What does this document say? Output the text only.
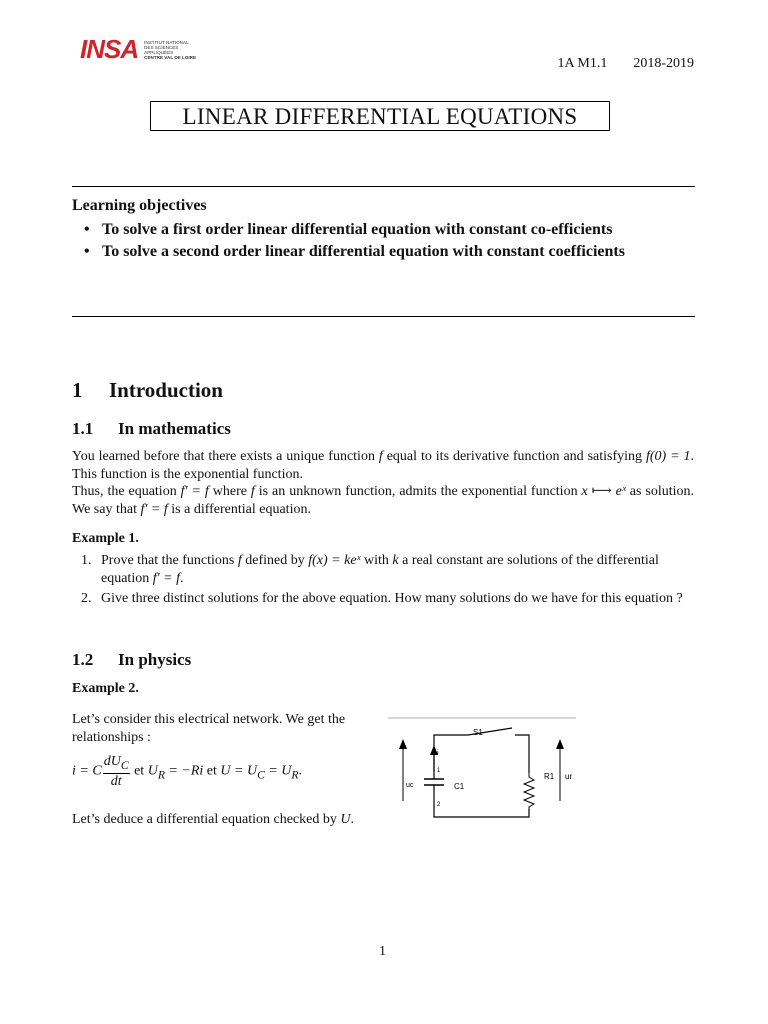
INSA INSTITUT NATIONAL
DES SCIENCES
APPLIQUÉES
CENTRE VAL DE LOIRE	1A M1.1 2018-2019
LINEAR DIFFERENTIAL EQUATIONS
Learning objectives
• To solve a first order linear differential equation with constant co-efficients
• To solve a second order linear differential equation with constant coefficients
1 Introduction
1.1 In mathematics
You learned before that there exists a unique function f equal to its derivative function and satisfying f(0) = 1. This function is the exponential function.
Thus, the equation f′ = f where f is an unknown function, admits the exponential function x ⟼ eˣ as solution. We say that f′ = f is a differential equation.
Example 1.
1. Prove that the functions f defined by f(x) = keˣ with k a real constant are solutions of the differential equation f′ = f.
2. Give three distinct solutions for the above equation. How many solutions do we have for this equation ?
1.2 In physics
Example 2.
Let’s consider this electrical network. We get the relationships :
i = C $\frac{dU_C}{dt}$ et $U_R = -Ri$ et $U = U_C = U_R$.
Let’s deduce a differential equation checked by U.
S1
i
1
2
uc	C1
R1 ur
1
